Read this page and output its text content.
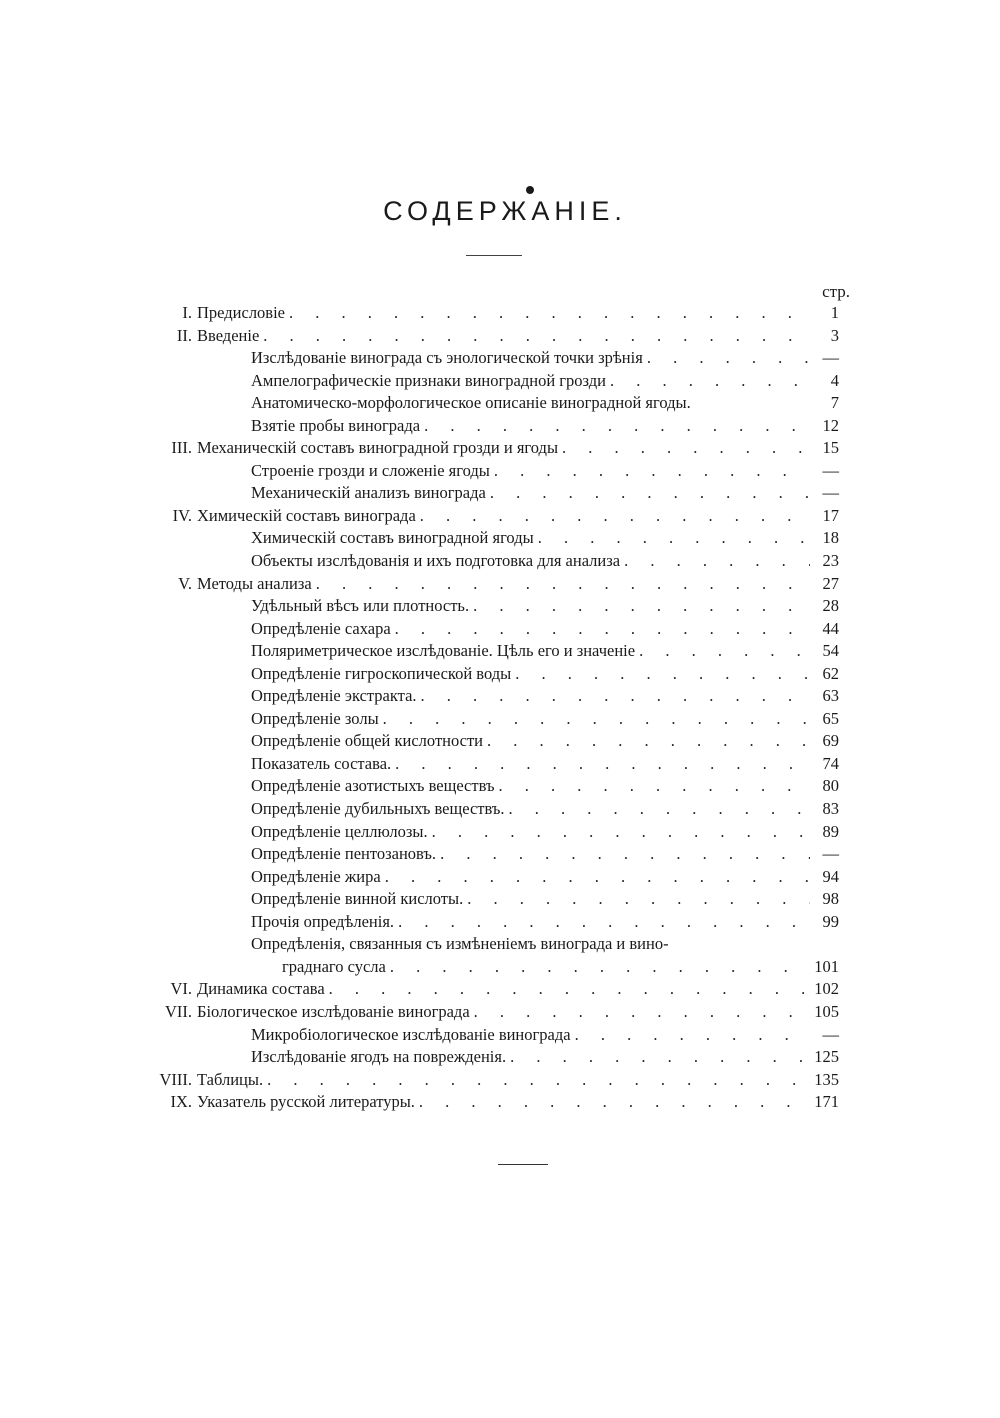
СОДЕРЖАНІЕ.
стр.
I. Предисловіе . . .	1
II. Введеніе . . .	3
Изслѣдованіе винограда съ энологической точки зрѣнія . . .	—
Ампелографическіе признаки виноградной грозди . . .	4
Анатомическо-морфологическое описаніе виноградной ягоды.	7
Взятіе пробы винограда . . .	12
III. Механическій составъ виноградной грозди и ягоды . . .	15
Строеніе грозди и сложеніе ягоды . . .	—
Механическій анализъ винограда . . .	—
IV. Химическій составъ винограда . . .	17
Химическій составъ виноградной ягоды . . .	18
Объекты изслѣдованія и ихъ подготовка для анализа . . .	23
V. Методы анализа . . .	27
Удѣльный вѣсъ или плотность. . . .	28
Опредѣленіе сахара . . .	44
Поляриметрическое изслѣдованіе. Цѣль его и значеніе . . .	54
Опредѣленіе гигроскопической воды . . .	62
Опредѣленіе экстракта. . . .	63
Опредѣленіе золы . . .	65
Опредѣленіе общей кислотности . . .	69
Показатель состава. . . .	74
Опредѣленіе азотистыхъ веществъ . . .	80
Опредѣленіе дубильныхъ веществъ. . . .	83
Опредѣленіе целлюлозы. . . .	89
Опредѣленіе пентозановъ. . . .	—
Опредѣленіе жира . . .	94
Опредѣленіе винной кислоты. . . .	98
Прочія опредѣленія. . . .	99
Опредѣленія, связанныя съ измѣненіемъ винограда и вино-
граднаго сусла . . .	101
VI. Динамика состава . . .	102
VII. Біологическое изслѣдованіе винограда . . .	105
Микробіологическое изслѣдованіе винограда . . .	—
Изслѣдованіе ягодъ на поврежденія. . . .	125
VIII. Таблицы. . . .	135
IX. Указатель русской литературы. . . .	171
